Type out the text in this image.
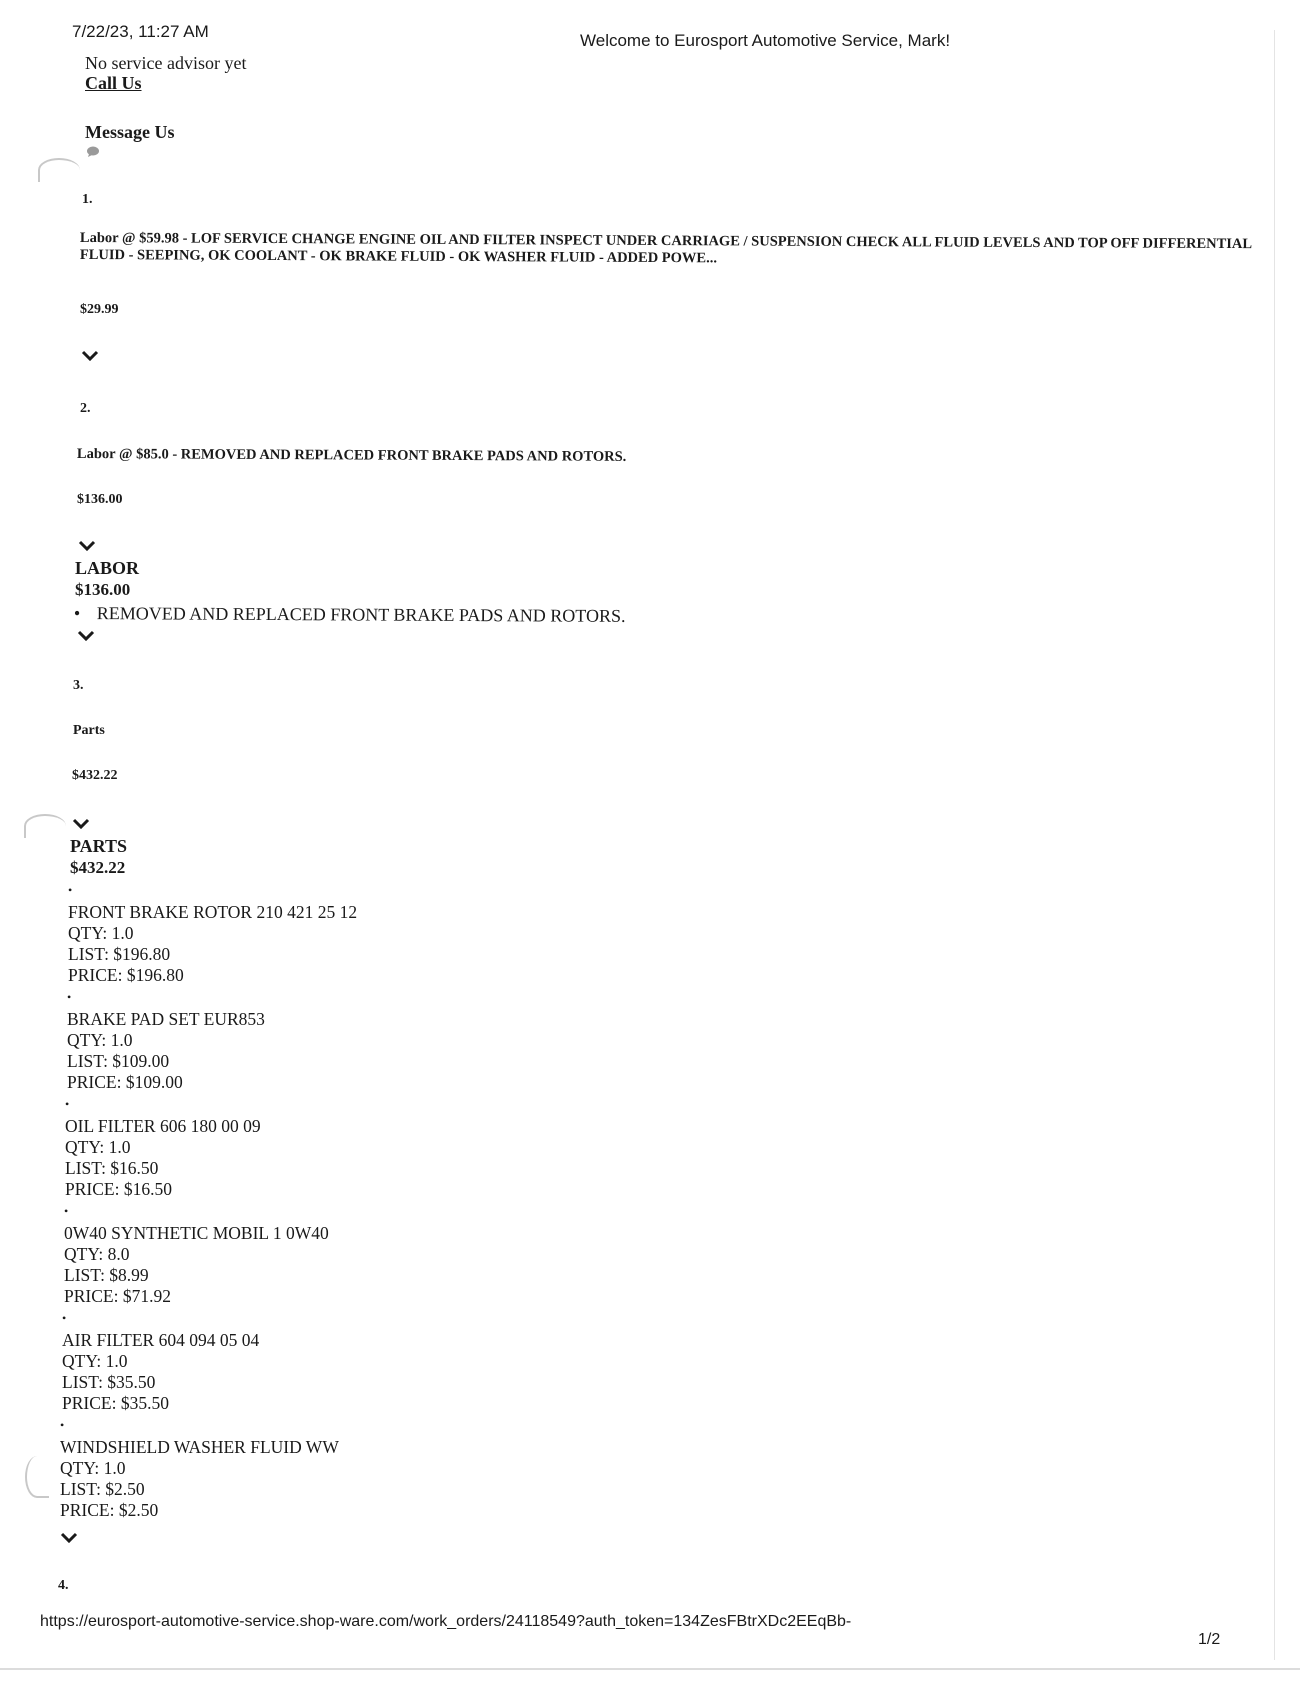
7/22/23, 11:27 AM	Welcome to Eurosport Automotive Service, Mark!
No service advisor yet
Call Us
Message Us
1.
Labor @ $59.98 - LOF SERVICE CHANGE ENGINE OIL AND FILTER INSPECT UNDER CARRIAGE / SUSPENSION CHECK ALL FLUID LEVELS AND TOP OFF DIFFERENTIAL FLUID - SEEPING, OK COOLANT - OK BRAKE FLUID - OK WASHER FLUID - ADDED POWE...
$29.99
2.
Labor @ $85.0 - REMOVED AND REPLACED FRONT BRAKE PADS AND ROTORS.
$136.00
LABOR
$136.00
• REMOVED AND REPLACED FRONT BRAKE PADS AND ROTORS.
3.
Parts
$432.22
PARTS
$432.22
•
FRONT BRAKE ROTOR 210 421 25 12
QTY: 1.0
LIST: $196.80
PRICE: $196.80
•
BRAKE PAD SET EUR853
QTY: 1.0
LIST: $109.00
PRICE: $109.00
•
OIL FILTER 606 180 00 09
QTY: 1.0
LIST: $16.50
PRICE: $16.50
•
0W40 SYNTHETIC MOBIL 1 0W40
QTY: 8.0
LIST: $8.99
PRICE: $71.92
•
AIR FILTER 604 094 05 04
QTY: 1.0
LIST: $35.50
PRICE: $35.50
•
WINDSHIELD WASHER FLUID WW
QTY: 1.0
LIST: $2.50
PRICE: $2.50
4.
https://eurosport-automotive-service.shop-ware.com/work_orders/24118549?auth_token=134ZesFBtrXDc2EEqBb-
1/2
